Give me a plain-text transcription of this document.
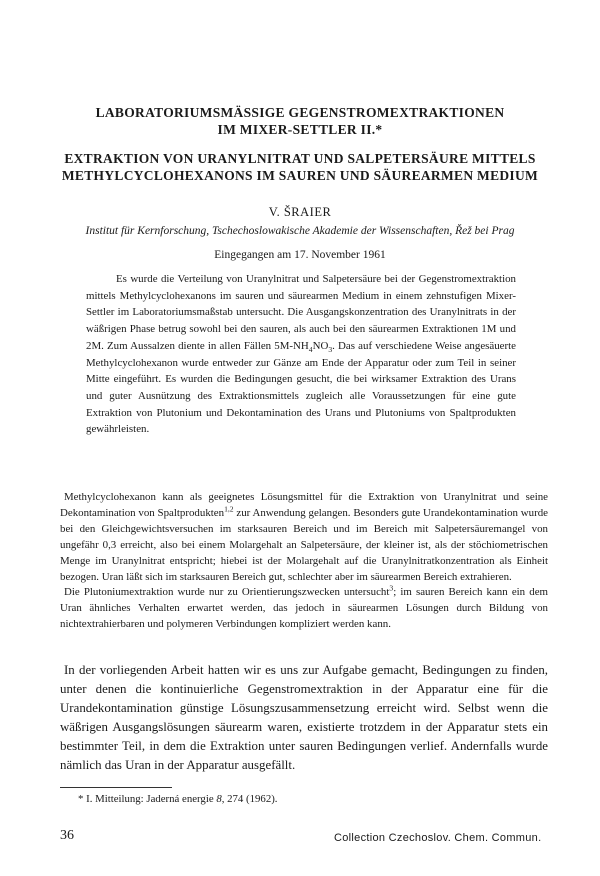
LABORATORIUMSMÄSSIGE GEGENSTROMEXTRAKTIONEN
IM MIXER-SETTLER II.*
EXTRAKTION VON URANYLNITRAT UND SALPETERSÄURE MITTELS
METHYLCYCLOHEXANONS IM SAUREN UND SÄUREARMEN MEDIUM
V. ŠRAIER
Institut für Kernforschung, Tschechoslowakische Akademie der Wissenschaften, Řež bei Prag
Eingegangen am 17. November 1961

Es wurde die Verteilung von Uranylnitrat und Salpetersäure bei der Gegenstromextraktion mittels Methylcyclohexanons im sauren und säurearmen Medium in einem zehnstufigen Mixer-Settler im Laboratoriumsmaßstab untersucht. Die Ausgangskonzentration des Uranylnitrats in der wäßrigen Phase betrug sowohl bei den sauren, als auch bei den säurearmen Extraktionen 1M und 2M. Zum Aussalzen diente in allen Fällen $5M-NH_4NO_3$. Das auf verschiedene Weise angesäuerte Methylcyclohexanon wurde entweder zur Gänze am Ende der Apparatur oder zum Teil in seiner Mitte eingeführt. Es wurden die Bedingungen gesucht, die bei wirksamer Extraktion des Urans und guter Ausnützung des Extraktionsmittels zugleich alle Voraussetzungen für eine gute Extraktion von Plutonium und Dekontamination des Urans und Plutoniums von Spaltprodukten gewährleisten.

Methylcyclohexanon kann als geeignetes Lösungsmittel für die Extraktion von Uranylnitrat und seine Dekontamination von Spaltprodukten$^{1,2}$ zur Anwendung gelangen. Besonders gute Urandekontamination wurde bei den Gleichgewichtsversuchen im starksauren Bereich und im Bereich mit Salpetersäuremangel von ungefähr 0,3 erreicht, also bei einem Molargehalt an Salpetersäure, der kleiner ist, als der stöchiometrischen Menge im Uranylnitrat entspricht; hiebei ist der Molargehalt auf die Uranylnitratkonzentration als Einheit bezogen. Uran läßt sich im starksauren Bereich gut, schlechter aber im säurearmen Bereich extrahieren.

Die Plutoniumextraktion wurde nur zu Orientierungszwecken untersucht$^3$; im sauren Bereich kann ein dem Uran ähnliches Verhalten erwartet werden, das jedoch in säurearmen Lösungen durch Bildung von nichtextrahierbaren und polymeren Verbindungen kompliziert werden kann.

In der vorliegenden Arbeit hatten wir es uns zur Aufgabe gemacht, Bedingungen zu finden, unter denen die kontinuierliche Gegenstromextraktion in der Apparatur eine für die Urandekontamination günstige Lösungszusammensetzung erreicht wird. Selbst wenn die wäßrigen Ausgangslösungen säurearm waren, existierte trotzdem in der Apparatur stets ein bestimmter Teil, in dem die Extraktion unter sauren Bedingungen verlief. Andernfalls wurde nämlich das Uran in der Apparatur ausgefällt.

* I. Mitteilung: Jaderná energie 8, 274 (1962).
36	Collection Czechoslov. Chem. Commun.
